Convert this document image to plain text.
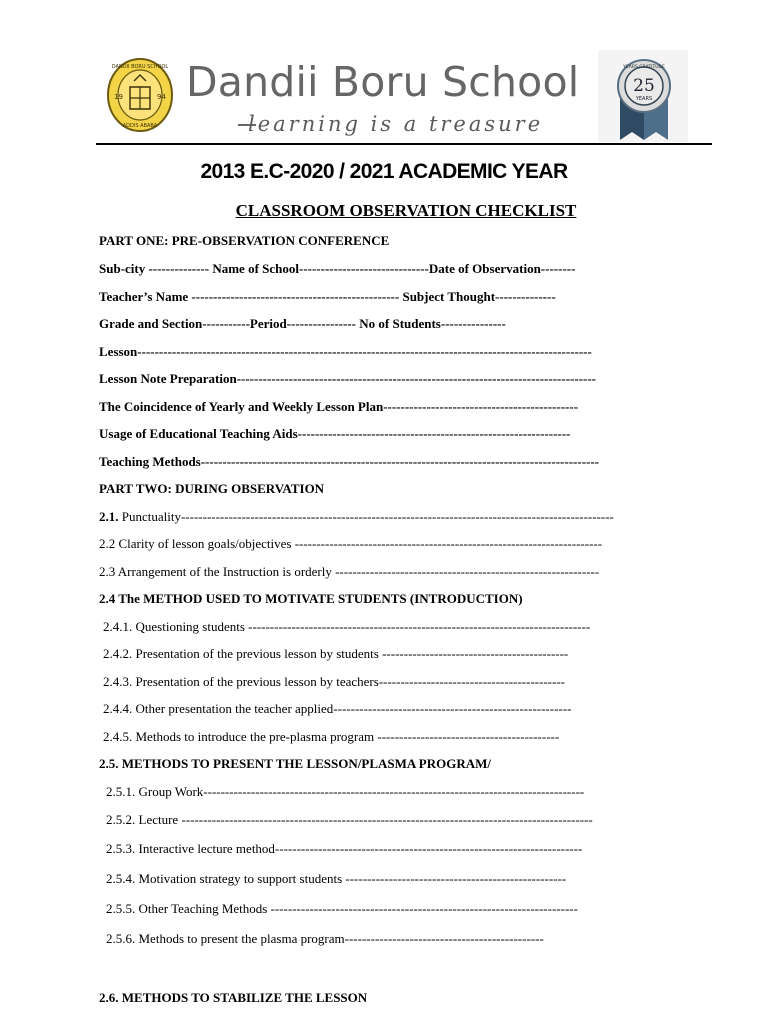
19	94
DANDII BORU SCHOOL
ADDIS ABABA
Dandii Boru School
learning is a treasure
YEARS GRATITUDE
25
YEARS
2013 E.C-2020 / 2021 ACADEMIC YEAR
CLASSROOM OBSERVATION CHECKLIST
PART ONE: PRE-OBSERVATION CONFERENCE
Sub-city -------------- Name of School------------------------------Date of Observation--------
Teacher’s Name ------------------------------------------------ Subject Thought--------------
Grade and Section-----------Period---------------- No of Students---------------
Lesson---------------------------------------------------------------------------------------------------------
Lesson Note Preparation-----------------------------------------------------------------------------------
The Coincidence of Yearly and Weekly Lesson Plan---------------------------------------------
Usage of Educational Teaching Aids---------------------------------------------------------------
Teaching Methods--------------------------------------------------------------------------------------------
PART TWO: DURING OBSERVATION
2.1. Punctuality----------------------------------------------------------------------------------------------------
2.2 Clarity of lesson goals/objectives -----------------------------------------------------------------------
2.3 Arrangement of the Instruction is orderly -------------------------------------------------------------
2.4 The METHOD USED TO MOTIVATE STUDENTS (INTRODUCTION)
2.4.1. Questioning students -------------------------------------------------------------------------------
2.4.2. Presentation of the previous lesson by students -------------------------------------------
2.4.3. Presentation of the previous lesson by teachers-------------------------------------------
2.4.4. Other presentation the teacher applied-------------------------------------------------------
2.4.5. Methods to introduce the pre-plasma program ------------------------------------------
2.5. METHODS TO PRESENT THE LESSON/PLASMA PROGRAM/
2.5.1. Group Work----------------------------------------------------------------------------------------
2.5.2. Lecture -----------------------------------------------------------------------------------------------
2.5.3. Interactive lecture method-----------------------------------------------------------------------
2.5.4. Motivation strategy to support students ---------------------------------------------------
2.5.5. Other Teaching Methods -----------------------------------------------------------------------
2.5.6. Methods to present the plasma program----------------------------------------------
2.6. METHODS TO STABILIZE THE LESSON
